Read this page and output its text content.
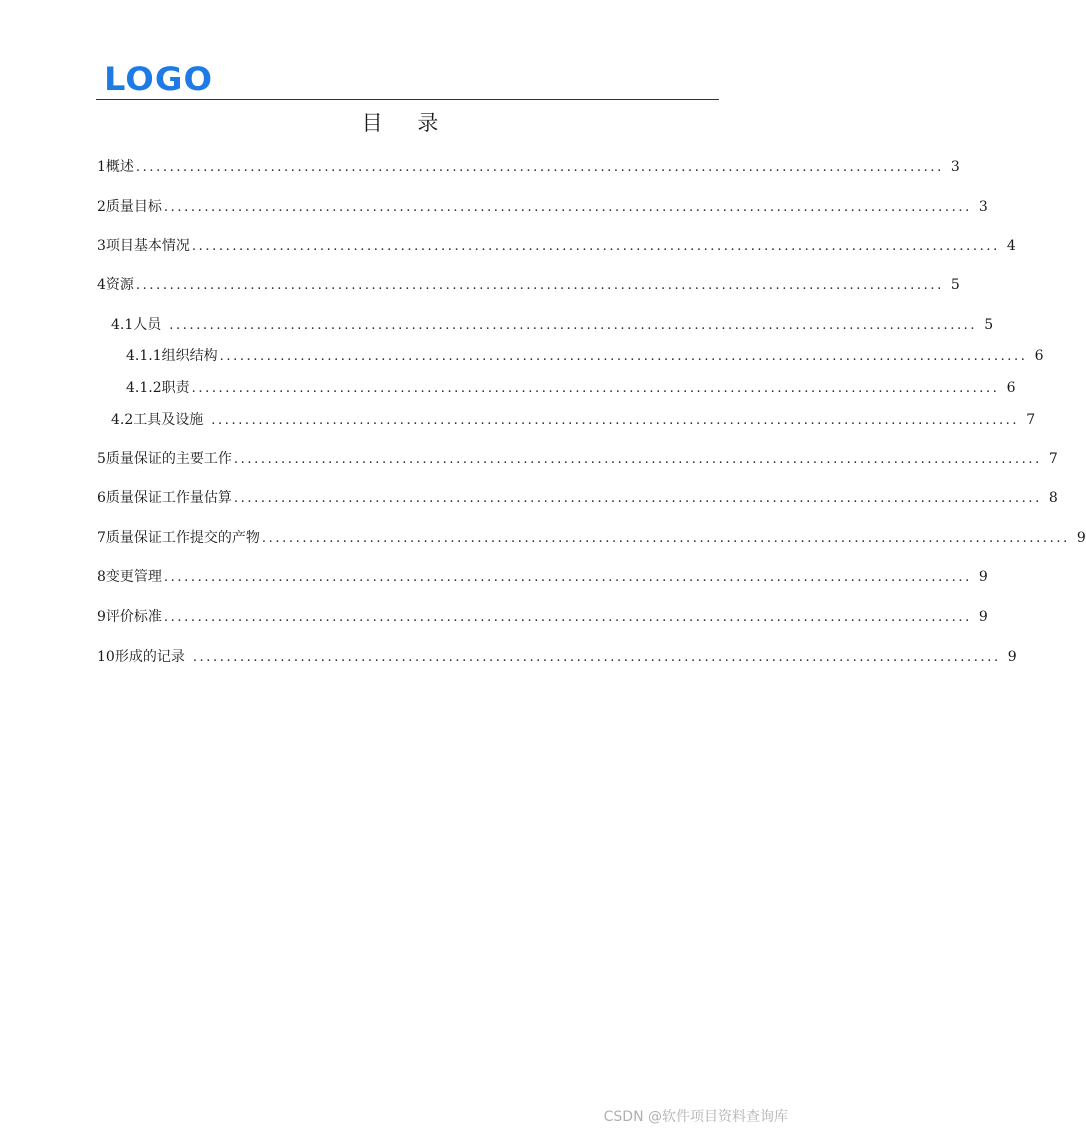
LOGO
目 录
1 概述 ........................................................................................................................ 3
2 质量目标 ........................................................................................................................ 3
3 项目基本情况 ........................................................................................................................ 4
4 资源 ........................................................................................................................ 5
4.1 人员 ........................................................................................................................ 5
4.1.1 组织结构 ........................................................................................................................ 6
4.1.2 职责 ........................................................................................................................ 6
4.2 工具及设施 ........................................................................................................................ 7
5 质量保证的主要工作 ........................................................................................................................ 7
6 质量保证工作量估算 ........................................................................................................................ 8
7 质量保证工作提交的产物 ........................................................................................................................ 9
8 变更管理 ........................................................................................................................ 9
9 评价标准 ........................................................................................................................ 9
10 形成的记录 ........................................................................................................................ 9
CSDN @软件项目资料查询库
